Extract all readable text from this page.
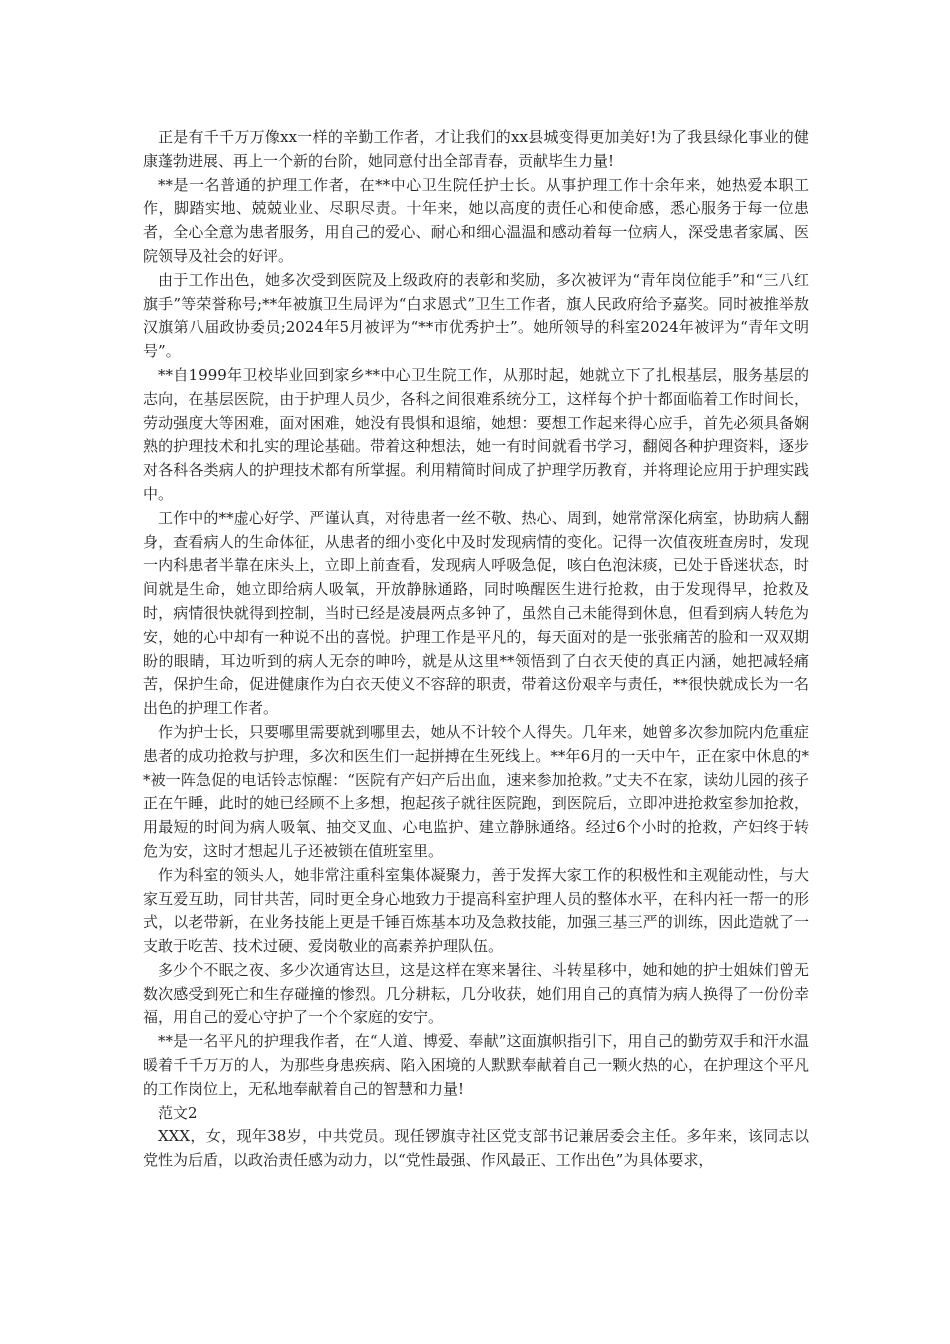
正是有千千万万像xx一样的辛勤工作者，才让我们的xx县城变得更加美好!为了我县绿化事业的健康蓬勃进展、再上一个新的台阶，她同意付出全部青春，贡献毕生力量!

**是一名普通的护理工作者，在**中心卫生院任护士长。从事护理工作十余年来，她热爱本职工作，脚踏实地、兢兢业业、尽职尽责。十年来，她以高度的责任心和使命感，悉心服务于每一位患者，全心全意为患者服务，用自己的爱心、耐心和细心温温和感动着每一位病人，深受患者家属、医院领导及社会的好评。

由于工作出色，她多次受到医院及上级政府的表彰和奖励，多次被评为“青年岗位能手”和“三八红旗手”等荣誉称号;**年被旗卫生局评为“白求恩式”卫生工作者，旗人民政府给予嘉奖。同时被推举敖汉旗第八届政协委员;2024年5月被评为“**市优秀护士”。她所领导的科室2024年被评为“青年文明号”。

**自1999年卫校毕业回到家乡**中心卫生院工作，从那时起，她就立下了扎根基层，服务基层的志向，在基层医院，由于护理人员少，各科之间很难系统分工，这样每个护十都面临着工作时间长，劳动强度大等困难，面对困难，她没有畏惧和退缩，她想：要想工作起来得心应手，首先必须具备娴熟的护理技术和扎实的理论基础。带着这种想法，她一有时间就看书学习，翻阅各种护理资料，逐步对各科各类病人的护理技术都有所掌握。利用精简时间成了护理学历教育，并将理论应用于护理实践中。

工作中的**虚心好学、严谨认真，对待患者一丝不敬、热心、周到，她常常深化病室，协助病人翻身，查看病人的生命体征，从患者的细小变化中及时发现病情的变化。记得一次值夜班查房时，发现一内科患者半靠在床头上，立即上前查看，发现病人呼吸急促，咳白色泡沫痰，已处于昏迷状态，时间就是生命，她立即给病人吸氧，开放静脉通路，同时唤醒医生进行抢救，由于发现得早，抢救及时，病情很快就得到控制，当时已经是凌晨两点多钟了，虽然自己未能得到休息，但看到病人转危为安，她的心中却有一种说不出的喜悦。护理工作是平凡的，每天面对的是一张张痛苦的脸和一双双期盼的眼睛，耳边听到的病人无奈的呻吟，就是从这里**领悟到了白衣天使的真正内涵，她把减轻痛苦，保护生命，促进健康作为白衣天使义不容辞的职责，带着这份艰辛与责任，**很快就成长为一名出色的护理工作者。

作为护士长，只要哪里需要就到哪里去，她从不计较个人得失。几年来，她曾多次参加院内危重症患者的成功抢救与护理，多次和医生们一起拼搏在生死线上。**年6月的一天中午，正在家中休息的**被一阵急促的电话铃志惊醒：“医院有产妇产后出血，速来参加抢救。”丈夫不在家，读幼儿园的孩子正在午睡，此时的她已经顾不上多想，抱起孩子就往医院跑，到医院后，立即冲进抢救室参加抢救，用最短的时间为病人吸氧、抽交叉血、心电监护、建立静脉通络。经过6个小时的抢救，产妇终于转危为安，这时才想起儿子还被锁在值班室里。

作为科室的领头人，她非常注重科室集体凝聚力，善于发挥大家工作的积极性和主观能动性，与大家互爱互助，同甘共苦，同时更全身心地致力于提高科室护理人员的整体水平，在科内衽一帮一的形式，以老带新，在业务技能上更是千锤百炼基本功及急救技能，加强三基三严的训练，因此造就了一支敢于吃苦、技术过硬、爱岗敬业的高素养护理队伍。

多少个不眠之夜、多少次通宵达旦，这是这样在寒来暑往、斗转星移中，她和她的护士姐妹们曾无数次感受到死亡和生存碰撞的惨烈。几分耕耘，几分收获，她们用自己的真情为病人换得了一份份幸福，用自己的爱心守护了一个个家庭的安宁。

**是一名平凡的护理我作者，在“人道、博爱、奉献”这面旗帜指引下，用自己的勤劳双手和汗水温暖着千千万万的人，为那些身患疾病、陷入困境的人默默奉献着自己一颗火热的心，在护理这个平凡的工作岗位上，无私地奉献着自己的智慧和力量!

范文2

XXX，女，现年38岁，中共党员。现任锣旗寺社区党支部书记兼居委会主任。多年来，该同志以党性为后盾，以政治责任感为动力，以“党性最强、作风最正、工作出色”为具体要求，
